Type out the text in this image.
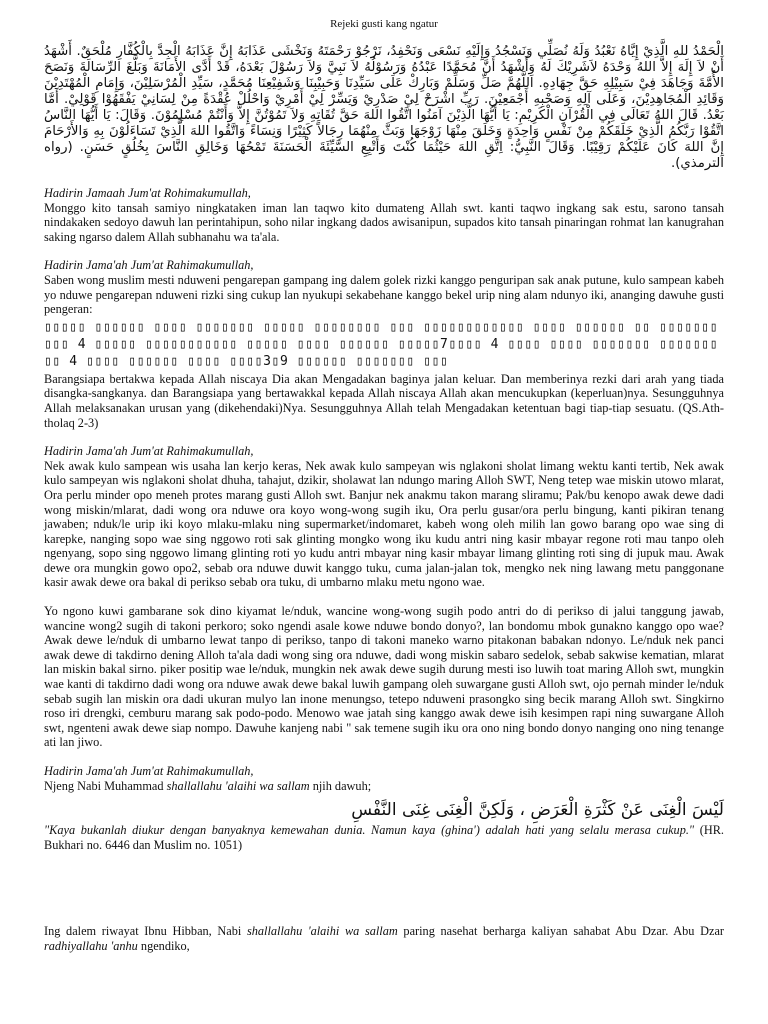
Rejeki gusti kang ngatur

الْحَمْدُ للهِ الَّذِيْ إِيَّاهُ نَعْبُدُ وَلَهُ نُصَلِّي وَنَسْجُدُ وَإِلَيْهِ نَسْعَى وَنَحْفِدُ، نَرْجُوْ رَحْمَتَهُ وَنَخْشَى عَذَابَهُ إِنَّ عَذَابَهُ الْجِدَّ بِالْكُفَّارِ مُلْحَقٌ. أَشْهَدُ أَنْ لاَ إِلَهَ إِلاَّ اللهُ وَحْدَهُ لاَشَرِيْكَ لَهُ وَأَشْهَدُ أَنَّ مُحَمَّدًا عَبْدُهُ وَرَسُوْلُهُ لاَ نَبِيَّ وَلاَ رَسُوْلَ بَعْدَهُ، قَدْ أَدَّى الأَمَانَةَ وَبَلَّغَ الرِّسَالَةَ وَنَصَحَ الأُمَّةَ وَجَاهَدَ فِيْ سَبِيْلِهِ حَقَّ جِهَادِهِ. اَللَّهُمَّ صَلِّ وَسَلِّمْ وَبَارِكْ عَلَى سَيِّدِنَا وَحَبِيْبِنَا وَشَفِيْعِنَا مُحَمَّدٍ، سَيِّدِ الْمُرْسَلِيْنَ، وَإِمَامِ الْمُهْتَدِيْنَ وَقَائِدِ الْمُجَاهِدِيْنَ، وَعَلَى آلِهِ وَصَحْبِهِ أَجْمَعِيْنَ. رَبِّ اشْرَحْ لِيْ صَدْرِيْ وَيَسِّرْ لِيْ أَمْرِيْ وَاحْلُلْ عُقْدَةً مِنْ لِسَانِيْ يَفْقَهُوْا قَوْلِيْ. أَمَّا بَعْدُ. قَالَ اللهُ تَعَالَى فِي الْقُرْآنِ الْكَرِيْمِ: يَا أَيُّهَا الَّذِيْنَ آمَنُوا اتَّقُوا اللهَ حَقَّ تُقَاتِهِ وَلاَ تَمُوْتُنَّ إِلاَّ وَأَنْتُمْ مُسْلِمُوْنَ. وَقَالَ: يَا أَيُّهَا النَّاسُ اتَّقُوْا رَبَّكُمُ الَّذِيْ خَلَقَكُمْ مِنْ نَفْسٍ وَاحِدَةٍ وَخَلَقَ مِنْهَا زَوْجَهَا وَبَثَّ مِنْهُمَا رِجَالاً كَثِيْرًا وَنِسَاءً وَاتَّقُوا اللهَ الَّذِيْ تَسَاءَلُوْنَ بِهِ وَالأَرْحَامَ إِنَّ اللهَ كَانَ عَلَيْكُمْ رَقِيْبًا. وَقَالَ النَّبِيُّ: اِتَّقِ اللهَ حَيْثُمَا كُنْتَ وَأَتْبِعِ السَّيِّئَةَ الْحَسَنَةَ تَمْحُهَا وَخَالِقِ النَّاسَ بِخُلُقٍ حَسَنٍ. (رواه الترمذي).

Hadirin Jamaah Jum'at Rohimakumullah,

Monggo kito tansah samiyo ningkataken iman lan taqwo kito dumateng Allah swt. kanti taqwo ingkang sak estu, sarono tansah nindakaken sedoyo dawuh lan perintahipun, soho nilar ingkang dados awisanipun, supados kito tansah pinaringan rohmat lan kanugrahan saking ngarso dalem Allah subhanahu wa ta'ala.

Hadirin Jama'ah Jum'at Rahimakumullah,

Saben wong muslim mesti nduweni pengarepan gampang ing dalem golek rizki kanggo penguripan sak anak putune, kulo sampean kabeh yo nduwe pengarepan nduweni rizki sing cukup lan nyukupi sekabehane kanggo bekel urip ning alam ndunyo iki, ananging dawuhe gusti pengeran:

▯▯▯▯▯ ▯▯▯▯▯▯ ▯▯▯▯ ▯▯▯▯▯▯▯ ▯▯▯▯▯ ▯▯▯▯▯▯▯▯ ▯▯▯ ▯▯▯▯▯▯▯▯▯▯▯▯ ▯▯▯▯ ▯▯▯▯▯▯ ▯▯ ▯▯▯▯▯▯▯▯▯▯ 4 ▯▯▯▯▯ ▯▯▯▯▯▯▯▯▯▯▯ ▯▯▯▯▯ ▯▯▯▯ ▯▯▯▯▯▯ ▯▯▯▯▯7▯▯▯▯ 4 ▯▯▯▯ ▯▯▯▯ ▯▯▯▯▯▯▯ ▯▯▯▯▯▯▯▯▯ 4 ▯▯▯▯ ▯▯▯▯▯▯ ▯▯▯▯ ▯▯▯▯3▯9 ▯▯▯▯▯▯ ▯▯▯▯▯▯▯ ▯▯▯

Barangsiapa bertakwa kepada Allah niscaya Dia akan Mengadakan baginya jalan keluar. Dan memberinya rezki dari arah yang tiada disangka-sangkanya. dan Barangsiapa yang bertawakkal kepada Allah niscaya Allah akan mencukupkan (keperluan)nya. Sesungguhnya Allah melaksanakan urusan yang (dikehendaki)Nya. Sesungguhnya Allah telah Mengadakan ketentuan bagi tiap-tiap sesuatu. (QS.Ath-tholaq 2-3)

Hadirin Jama'ah Jum'at Rahimakumullah,

Nek awak kulo sampean wis usaha lan kerjo keras, Nek awak kulo sampeyan wis nglakoni sholat limang wektu kanti tertib, Nek awak kulo sampeyan wis nglakoni sholat dhuha, tahajut, dzikir, sholawat lan ndungo maring Alloh SWT, Neng tetep wae miskin utowo mlarat, Ora perlu minder opo meneh protes marang gusti Alloh swt. Banjur nek anakmu takon marang sliramu; Pak/bu kenopo awak dewe dadi wong miskin/mlarat, dadi wong ora nduwe ora koyo wong-wong sugih iku, Ora perlu gusar/ora perlu bingung, kanti pikiran tenang jawaben; nduk/le urip iki koyo mlaku-mlaku ning supermarket/indomaret, kabeh wong oleh milih lan gowo barang opo wae sing di karepke, nanging sopo wae sing nggowo roti sak glinting mongko wong iku kudu antri ning kasir mbayar regone roti mau tanpo oleh ngenyang, sopo sing nggowo limang glinting roti yo kudu antri mbayar ning kasir mbayar limang glinting roti sing di jupuk mau. Awak dewe ora mungkin gowo opo2, sebab ora nduwe duwit kanggo tuku, cuma jalan-jalan tok, mengko nek ning lawang metu panggonane kasir awak dewe ora bakal di perikso sebab ora tuku, di umbarno mlaku metu ngono wae.

Yo ngono kuwi gambarane sok dino kiyamat le/nduk, wancine wong-wong sugih podo antri do di perikso di jalui tanggung jawab, wancine wong2 sugih di takoni perkoro; soko ngendi asale kowe nduwe bondo donyo?, lan bondomu mbok gunakno kanggo opo wae? Awak dewe le/nduk di umbarno lewat tanpo di perikso, tanpo di takoni maneko warno pitakonan babakan ndonyo. Le/nduk nek panci awak dewe di takdirno dening Alloh ta'ala dadi wong sing ora nduwe, dadi wong miskin sabaro sedelok, sebab sakwise kematian, mlarat lan miskin bakal sirno. piker positip wae le/nduk, mungkin nek awak dewe sugih durung mesti iso luwih toat maring Alloh swt, mungkin wae kanti di takdirno dadi wong ora nduwe awak dewe bakal luwih gampang oleh suwargane gusti Alloh swt, ojo pernah minder le/nduk sebab sugih lan miskin ora dadi ukuran mulyo lan inone menungso, tetepo nduweni prasongko sing becik marang Alloh swt. Singkirno roso iri drengki, cemburu marang sak podo-podo. Menowo wae jatah sing kanggo awak dewe isih kesimpen rapi ning suwargane Alloh swt, ngenteni awak dewe siap nompo. Dawuhe kanjeng nabi " sak temene sugih iku ora ono ning bondo donyo nanging ono ning tenange ati lan jiwo.

Hadirin Jama'ah Jum'at Rahimakumullah,

Njeng Nabi Muhammad shallallahu 'alaihi wa sallam njih dawuh;

لَيْسَ الْغِنَى عَنْ كَثْرَةِ الْعَرَضِ ، وَلَكِنَّ الْغِنَى غِنَى النَّفْسِ

"Kaya bukanlah diukur dengan banyaknya kemewahan dunia. Namun kaya (ghina') adalah hati yang selalu merasa cukup." (HR. Bukhari no. 6446 dan Muslim no. 1051)

Ing dalem riwayat Ibnu Hibban, Nabi shallallahu 'alaihi wa sallam paring nasehat berharga kaliyan sahabat Abu Dzar. Abu Dzar radhiyallahu 'anhu ngendiko,
